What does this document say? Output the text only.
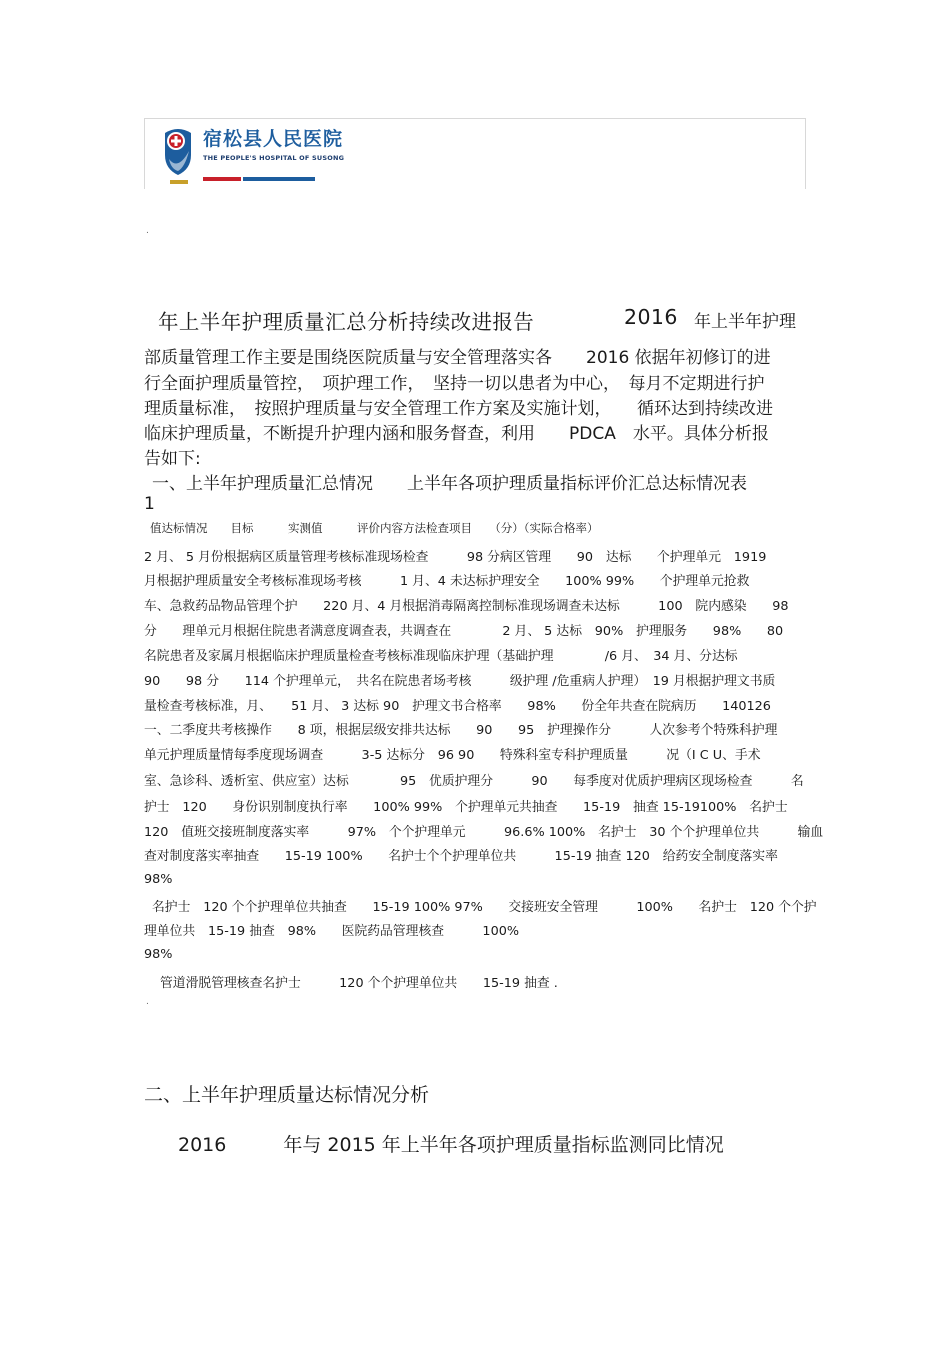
宿松县人民医院
THE PEOPLE'S HOSPITAL OF SUSONG
.
年上半年护理质量汇总分析持续改进报告	2016 年上半年护理
部质量管理工作主要是围绕医院质量与安全管理落实各　　2016 依据年初修订的进
行全面护理质量管控，　项护理工作，　坚持一切以患者为中心，　每月不定期进行护
理质量标准，　按照护理质量与安全管理工作方案及实施计划，　　循环达到持续改进
临床护理质量，不断提升护理内涵和服务督查，利用　　PDCA　水平。具体分析报
告如下:
一、上半年护理质量汇总情况　　上半年各项护理质量指标评价汇总达标情况表
1
值达标情况　　目标　　　实测值　　　评价内容方法检查项目　　（分）（实际合格率）
2 月、 5 月份根据病区质量管理考核标准现场检查　　　98 分病区管理　　90　达标　　个护理单元　1919
月根据护理质量安全考核标准现场考核　　　1 月、4 未达标护理安全　　100% 99%　　个护理单元抢救
车、急救药品物品管理个护　　220 月、4 月根据消毒隔离控制标准现场调查未达标　　　100　院内感染　　98
分　　理单元月根据住院患者满意度调查表，共调查在　　　　2 月、 5 达标　90%　护理服务　　98%　　80
名院患者及家属月根据临床护理质量检查考核标准现临床护理（基础护理　　　　/6 月、　34 月、分达标
90　　98 分　　114 个护理单元，　共名在院患者场考核　　　级护理 /危重病人护理）　19 月根据护理文书质
量检查考核标准，月、　　51 月、 3 达标 90　护理文书合格率　　98%　　份全年共查在院病历　　140126
一、二季度共考核操作　　8 项，根据层级安排共达标　　90　　95　护理操作分　　　人次参考个特殊科护理
单元护理质量情每季度现场调查　　　3-5 达标分　96 90　　特殊科室专科护理质量　　　况（I C U、手术
室、急诊科、透析室、供应室）达标　　　　95　优质护理分　　　90　　每季度对优质护理病区现场检查　　　名
护士　120　　身份识别制度执行率　　100% 99%　个护理单元共抽查　　15-19　抽查 15-19100%　名护士
120　值班交接班制度落实率　　　97%　个个护理单元　　　96.6% 100%　名护士　30 个个护理单位共　　　输血
查对制度落实率抽查　　15-19 100%　　名护士个个护理单位共　　　15-19 抽查 120　给药安全制度落实率
98%
名护士　120 个个护理单位共抽查　　15-19 100% 97%　　交接班安全管理　　　100%　　名护士　120 个个护
理单位共　15-19 抽查　98%　　医院药品管理核查　　　100%
98%
管道滑脱管理核查名护士　　　120 个个护理单位共　　15-19 抽查 .
.
二、上半年护理质量达标情况分析
2016　　　年与 2015 年上半年各项护理质量指标监测同比情况
